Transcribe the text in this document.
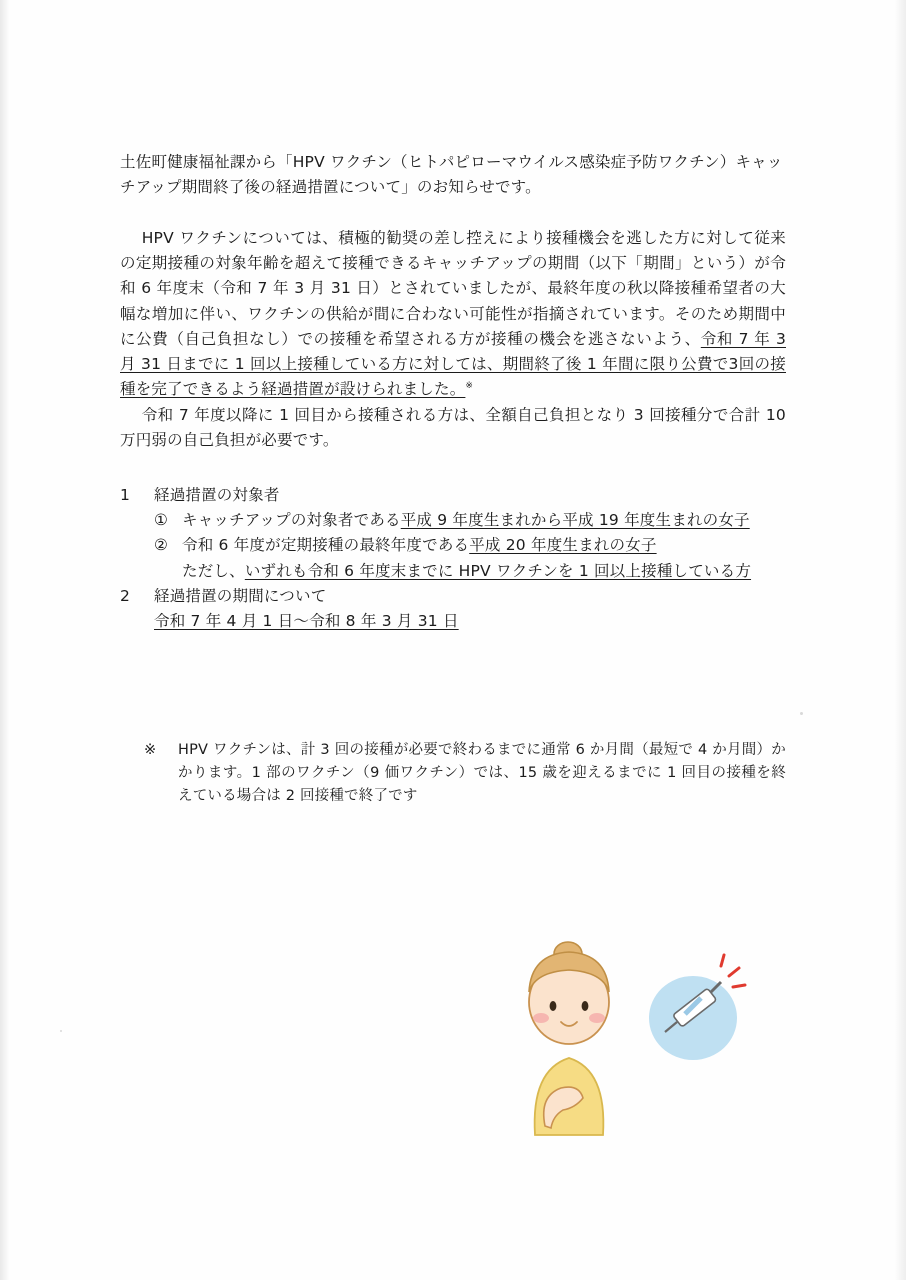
土佐町健康福祉課から「HPV ワクチン（ヒトパピローマウイルス感染症予防ワクチン）キャッチアップ期間終了後の経過措置について」のお知らせです。

HPV ワクチンについては、積極的勧奨の差し控えにより接種機会を逃した方に対して従来の定期接種の対象年齢を超えて接種できるキャッチアップの期間（以下「期間」という）が令和 6 年度末（令和 7 年 3 月 31 日）とされていましたが、最終年度の秋以降接種希望者の大幅な増加に伴い、ワクチンの供給が間に合わない可能性が指摘されています。そのため期間中に公費（自己負担なし）での接種を希望される方が接種の機会を逃さないよう、令和 7 年 3 月 31 日までに 1 回以上接種している方に対しては、期間終了後 1 年間に限り公費で3回の接種を完了できるよう経過措置が設けられました。※

令和 7 年度以降に 1 回目から接種される方は、全額自己負担となり 3 回接種分で合計 10 万円弱の自己負担が必要です。

1	経過措置の対象者
① キャッチアップの対象者である平成 9 年度生まれから平成 19 年度生まれの女子
② 令和 6 年度が定期接種の最終年度である平成 20 年度生まれの女子
ただし、いずれも令和 6 年度末までに HPV ワクチンを 1 回以上接種している方
2	経過措置の期間について
令和 7 年 4 月 1 日〜令和 8 年 3 月 31 日
※	HPV ワクチンは、計 3 回の接種が必要で終わるまでに通常 6 か月間（最短で 4 か月間）かかります。1 部のワクチン（9 価ワクチン）では、15 歳を迎えるまでに 1 回目の接種を終えている場合は 2 回接種で終了です
